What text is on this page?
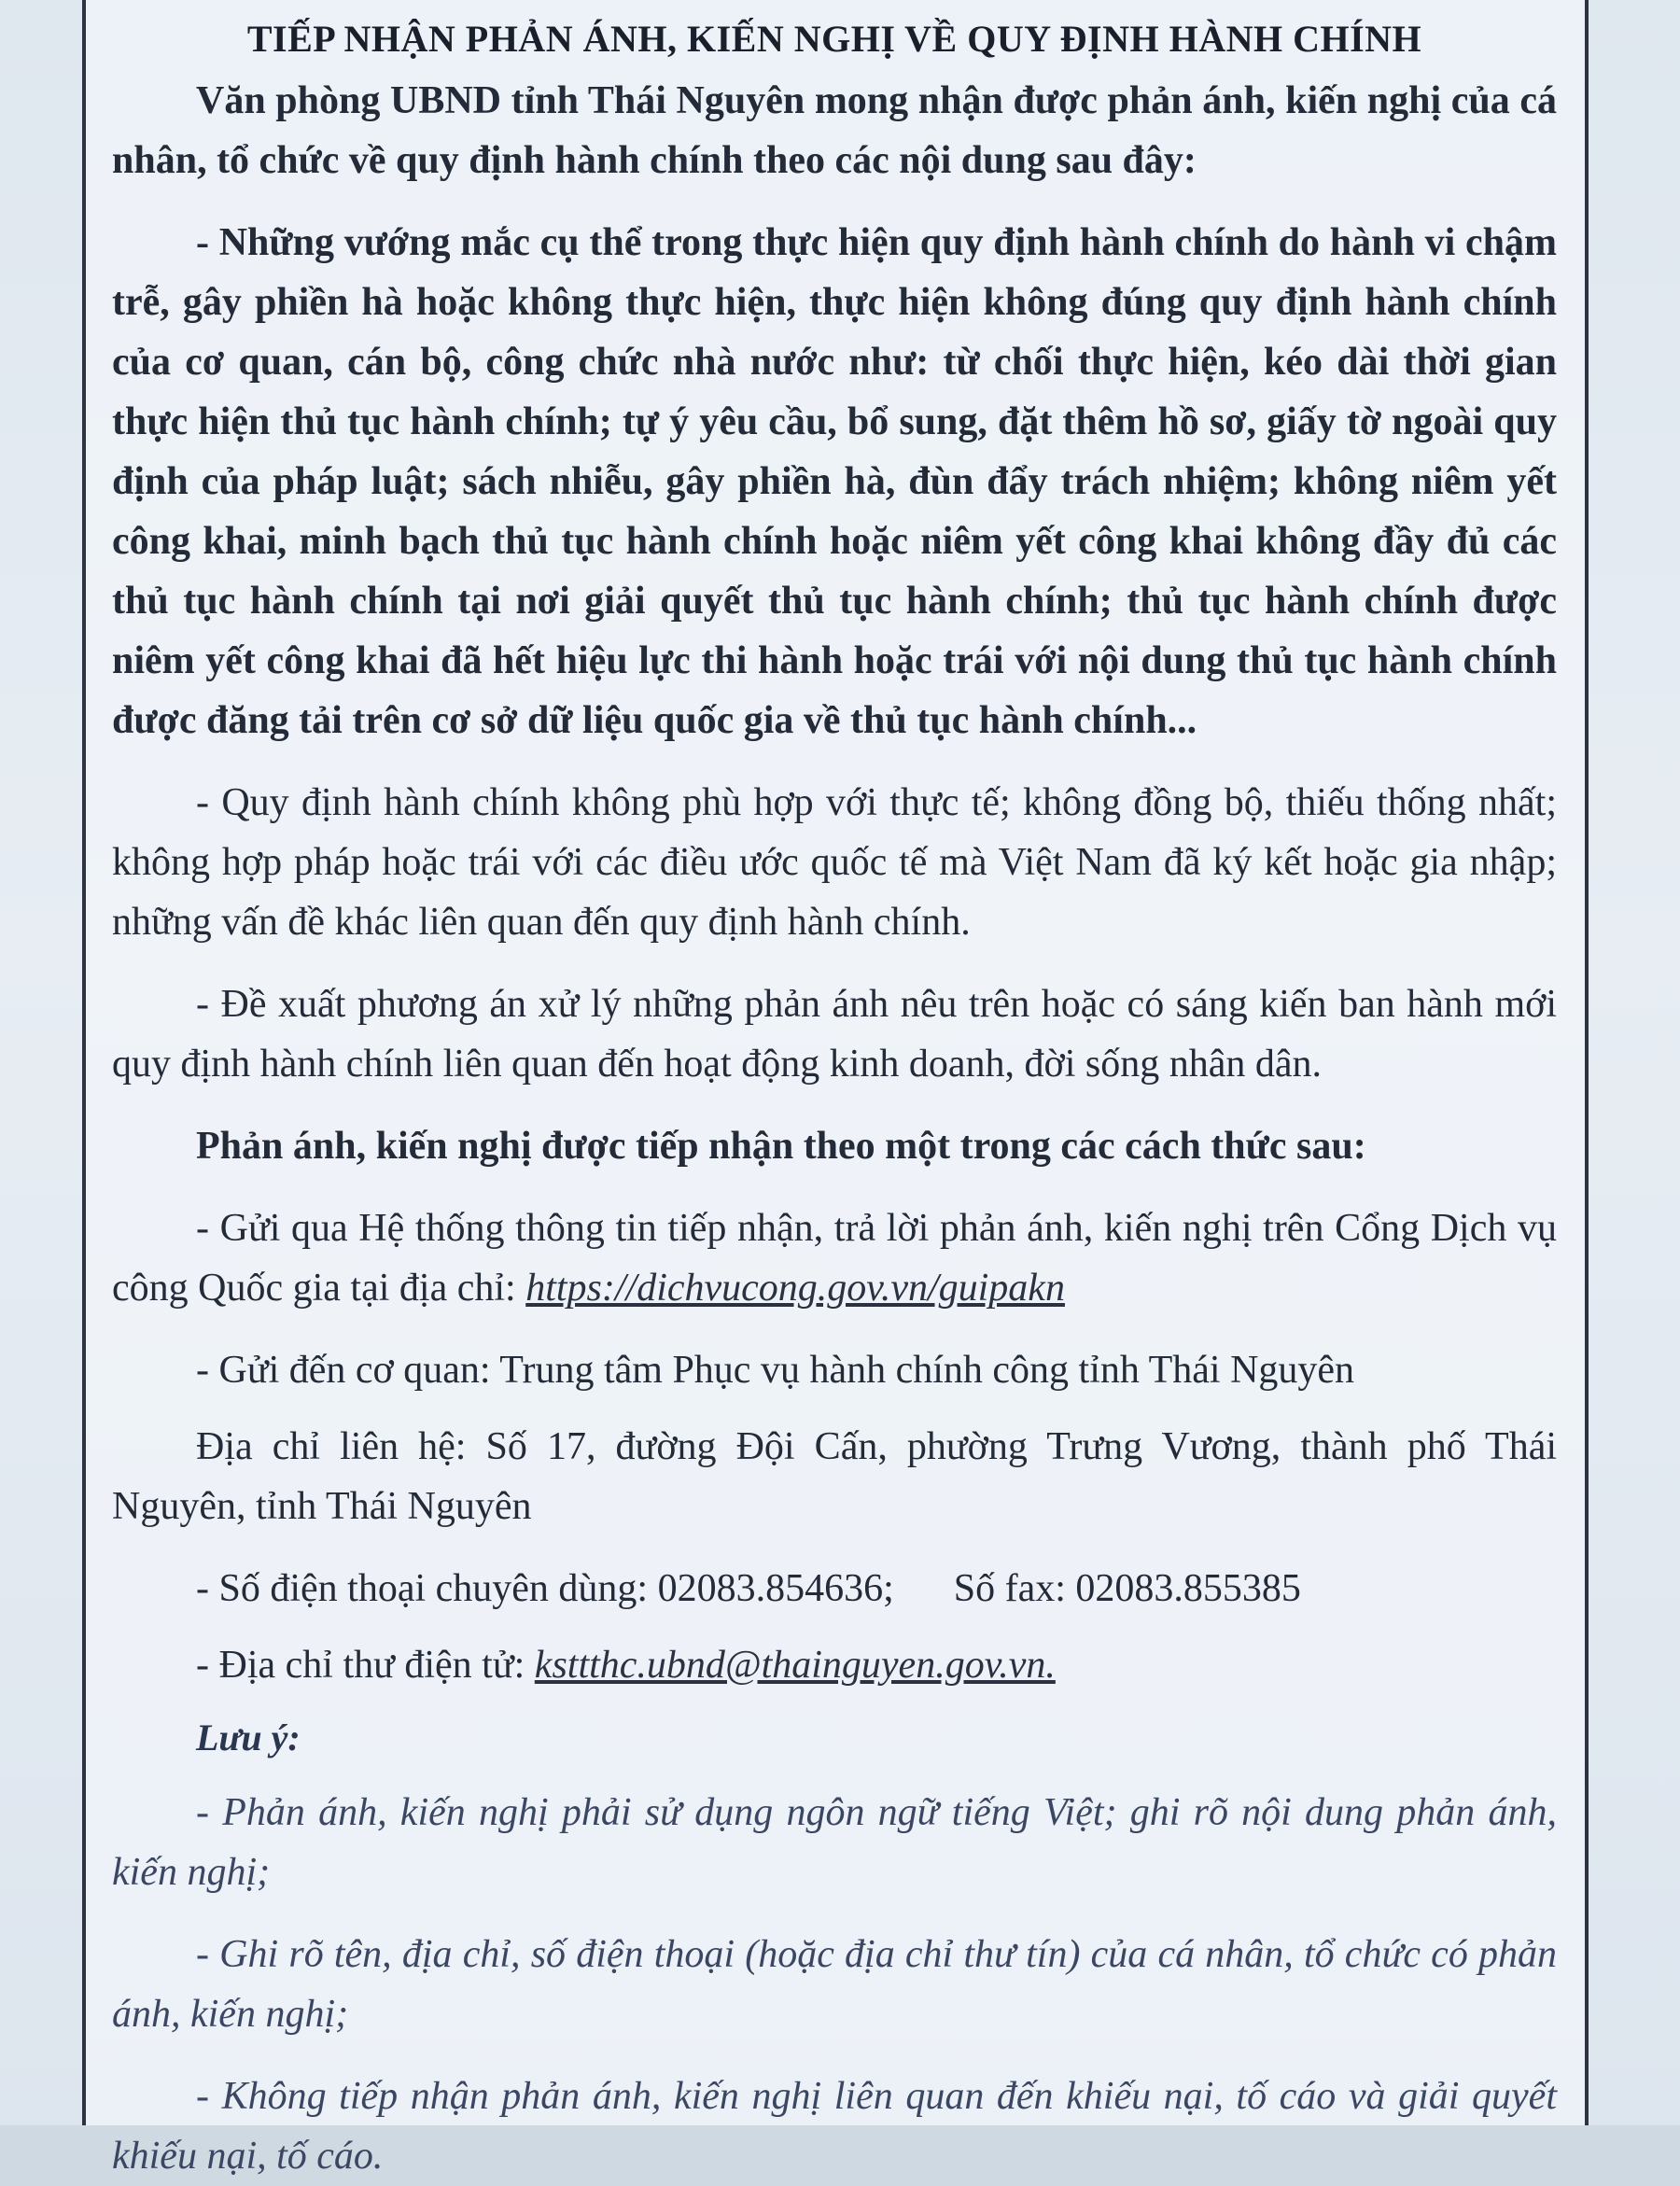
TIẾP NHẬN PHẢN ÁNH, KIẾN NGHỊ VỀ QUY ĐỊNH HÀNH CHÍNH

Văn phòng UBND tỉnh Thái Nguyên mong nhận được phản ánh, kiến nghị của cá nhân, tổ chức về quy định hành chính theo các nội dung sau đây:

- Những vướng mắc cụ thể trong thực hiện quy định hành chính do hành vi chậm trễ, gây phiền hà hoặc không thực hiện, thực hiện không đúng quy định hành chính của cơ quan, cán bộ, công chức nhà nước như: từ chối thực hiện, kéo dài thời gian thực hiện thủ tục hành chính; tự ý yêu cầu, bổ sung, đặt thêm hồ sơ, giấy tờ ngoài quy định của pháp luật; sách nhiễu, gây phiền hà, đùn đẩy trách nhiệm; không niêm yết công khai, minh bạch thủ tục hành chính hoặc niêm yết công khai không đầy đủ các thủ tục hành chính tại nơi giải quyết thủ tục hành chính; thủ tục hành chính được niêm yết công khai đã hết hiệu lực thi hành hoặc trái với nội dung thủ tục hành chính được đăng tải trên cơ sở dữ liệu quốc gia về thủ tục hành chính...

- Quy định hành chính không phù hợp với thực tế; không đồng bộ, thiếu thống nhất; không hợp pháp hoặc trái với các điều ước quốc tế mà Việt Nam đã ký kết hoặc gia nhập; những vấn đề khác liên quan đến quy định hành chính.

- Đề xuất phương án xử lý những phản ánh nêu trên hoặc có sáng kiến ban hành mới quy định hành chính liên quan đến hoạt động kinh doanh, đời sống nhân dân.

Phản ánh, kiến nghị được tiếp nhận theo một trong các cách thức sau:

- Gửi qua Hệ thống thông tin tiếp nhận, trả lời phản ánh, kiến nghị trên Cổng Dịch vụ công Quốc gia tại địa chỉ: https://dichvucong.gov.vn/guipakn

- Gửi đến cơ quan: Trung tâm Phục vụ hành chính công tỉnh Thái Nguyên

Địa chỉ liên hệ: Số 17, đường Đội Cấn, phường Trưng Vương, thành phố Thái Nguyên, tỉnh Thái Nguyên

- Số điện thoại chuyên dùng: 02083.854636; Số fax: 02083.855385

- Địa chỉ thư điện tử: ksttthc.ubnd@thainguyen.gov.vn.

Lưu ý:

- Phản ánh, kiến nghị phải sử dụng ngôn ngữ tiếng Việt; ghi rõ nội dung phản ánh, kiến nghị;

- Ghi rõ tên, địa chỉ, số điện thoại (hoặc địa chỉ thư tín) của cá nhân, tổ chức có phản ánh, kiến nghị;

- Không tiếp nhận phản ánh, kiến nghị liên quan đến khiếu nại, tố cáo và giải quyết khiếu nại, tố cáo.
